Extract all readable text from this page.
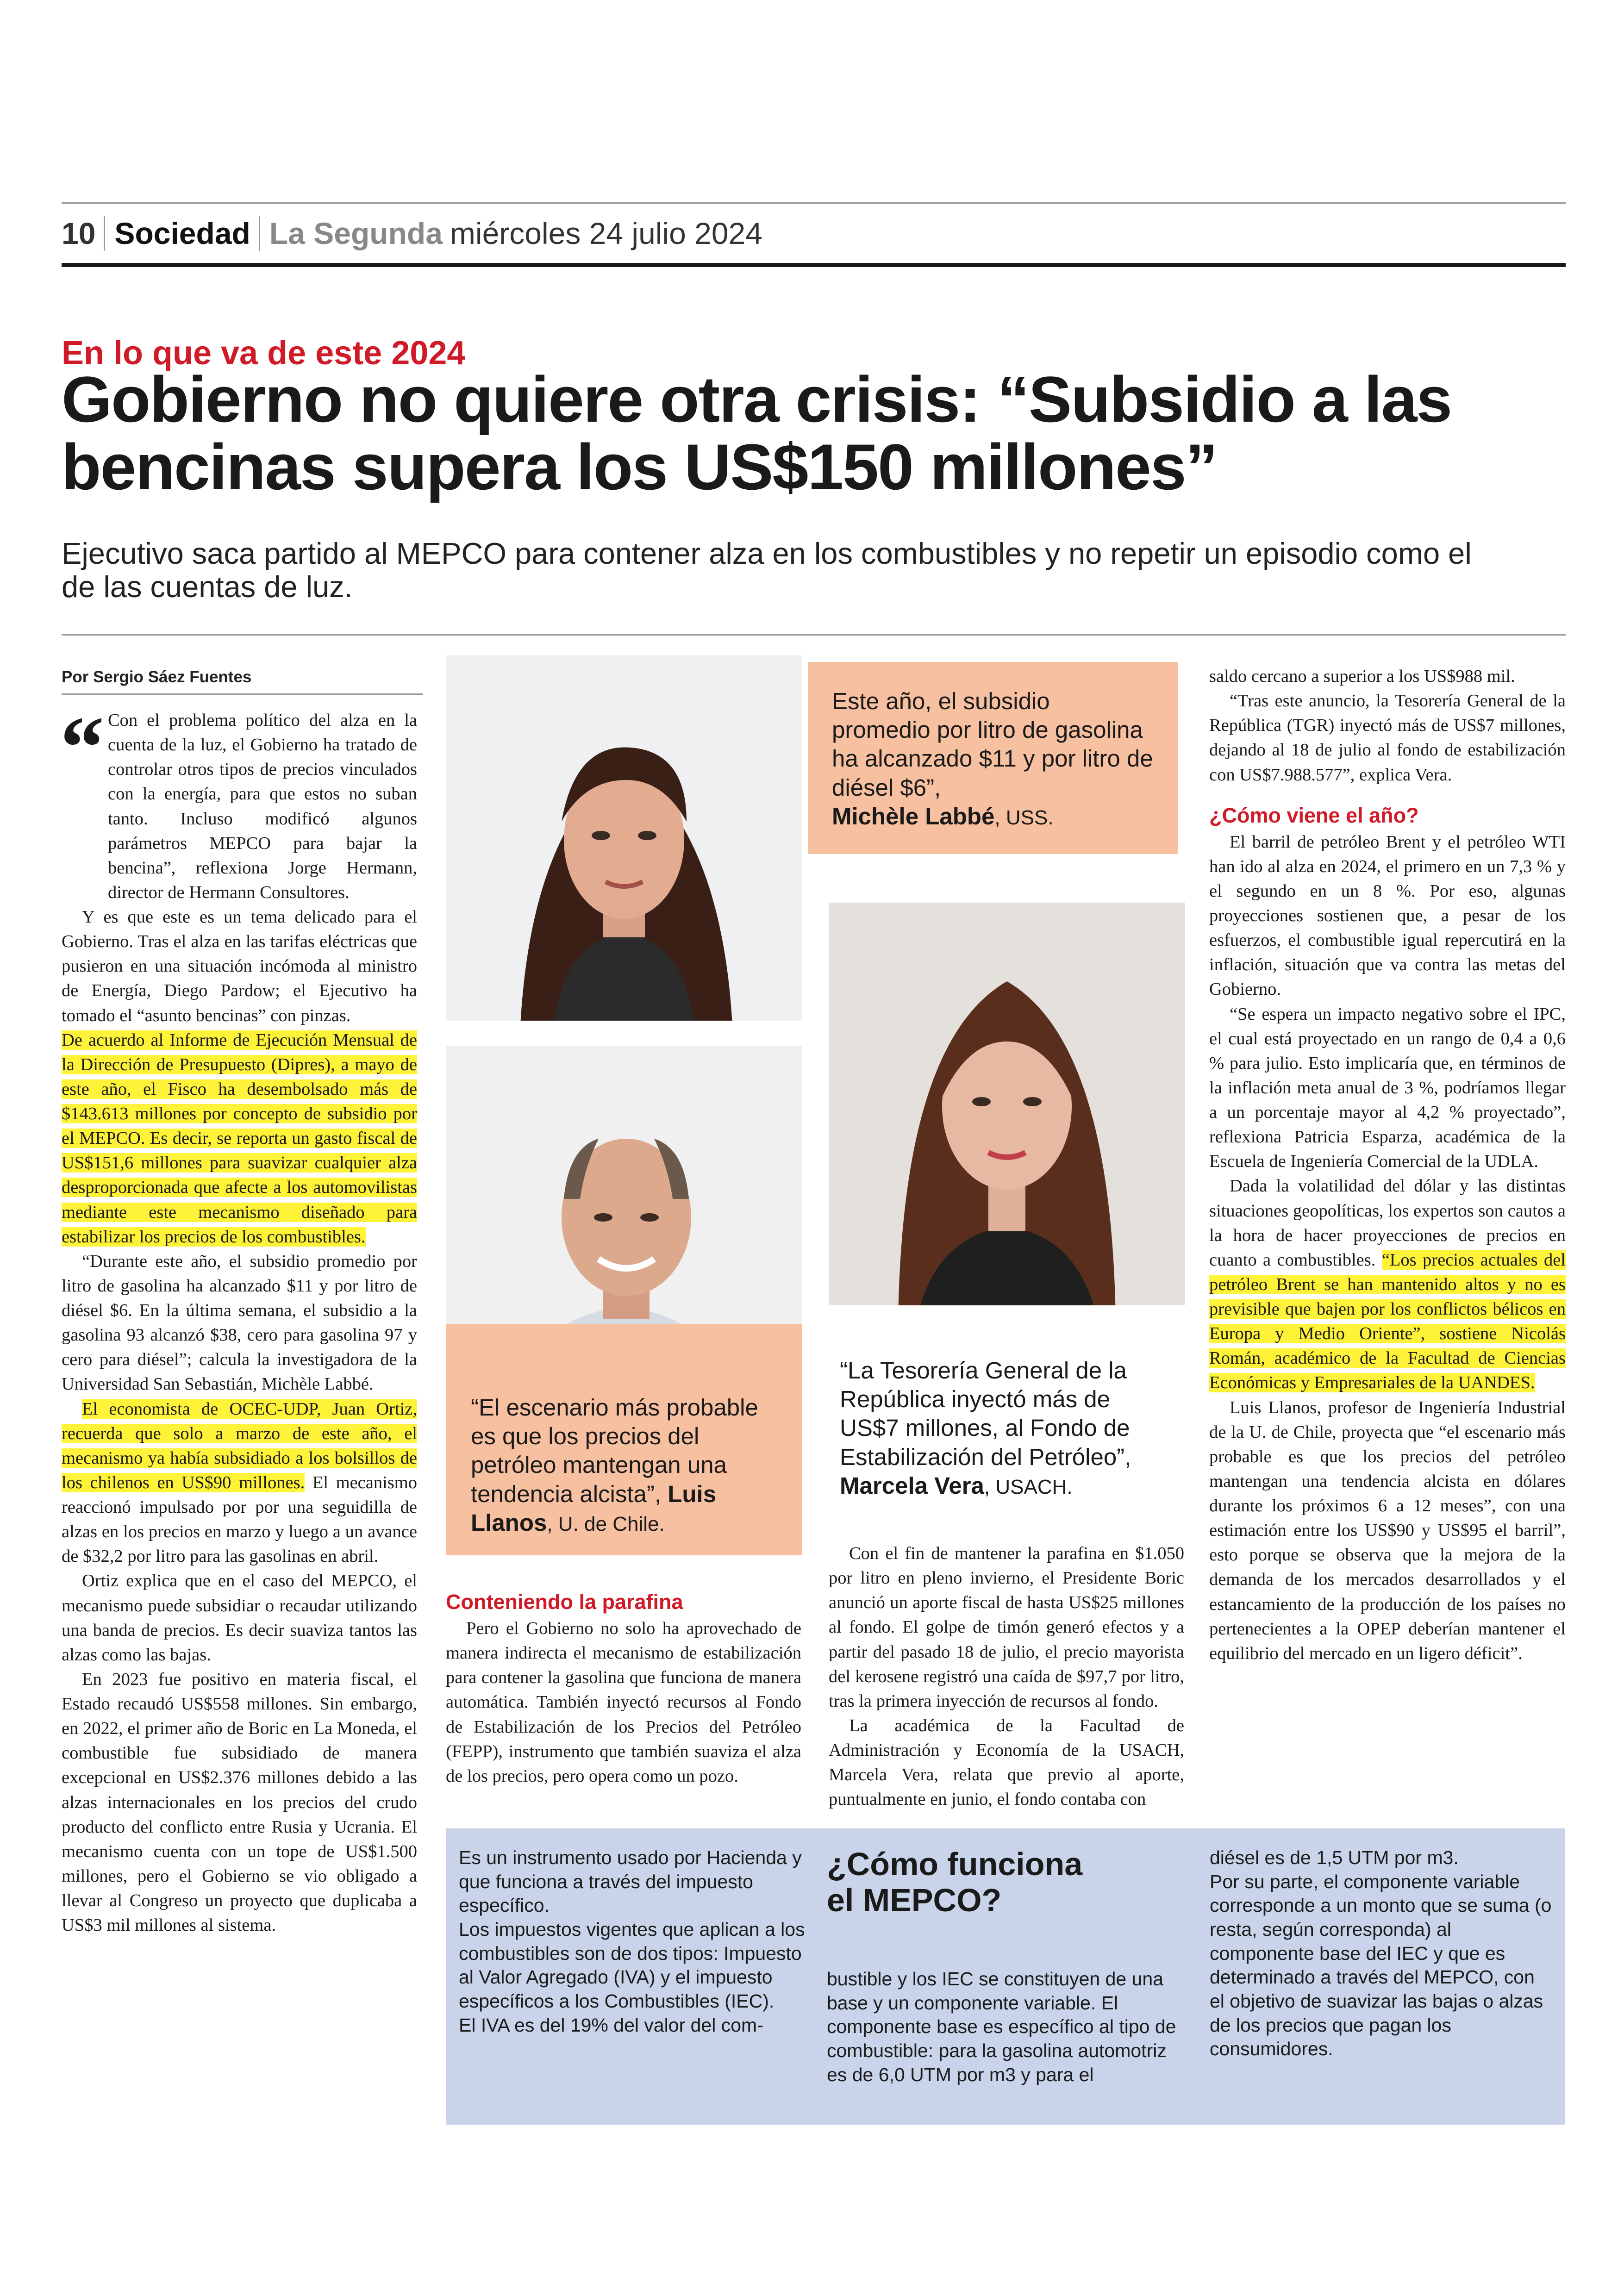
10 Sociedad La Segunda miércoles 24 julio 2024
En lo que va de este 2024
Gobierno no quiere otra crisis: “Subsidio a las bencinas supera los US$150 millones”
Ejecutivo saca partido al MEPCO para contener alza en los combustibles y no repetir un episodio como el de las cuentas de luz.
Por Sergio Sáez Fuentes
“ Con el problema político del alza en la cuenta de la luz, el Gobierno ha tratado de controlar otros tipos de precios vinculados con la energía, para que estos no suban tanto. Incluso modificó algunos parámetros MEPCO para bajar la bencina”, reflexiona Jorge Hermann, director de Hermann Consultores.

Y es que este es un tema delicado para el Gobierno. Tras el alza en las tarifas eléctricas que pusieron en una situación incómoda al ministro de Energía, Diego Pardow; el Ejecutivo ha tomado el “asunto bencinas” con pinzas.

De acuerdo al Informe de Ejecución Mensual de la Dirección de Presupuesto (Dipres), a mayo de este año, el Fisco ha desembolsado más de $143.613 millones por concepto de subsidio por el MEPCO. Es decir, se reporta un gasto fiscal de US$151,6 millones para suavizar cualquier alza desproporcionada que afecte a los automovilistas mediante este mecanismo diseñado para estabilizar los precios de los combustibles.

“Durante este año, el subsidio promedio por litro de gasolina ha alcanzado $11 y por litro de diésel $6. En la última semana, el subsidio a la gasolina 93 alcanzó $38, cero para gasolina 97 y cero para diésel”; calcula la investigadora de la Universidad San Sebastián, Michèle Labbé.

El economista de OCEC-UDP, Juan Ortiz, recuerda que solo a marzo de este año, el mecanismo ya había subsidiado a los bolsillos de los chilenos en US$90 millones. El mecanismo reaccionó impulsado por por una seguidilla de alzas en los precios en marzo y luego a un avance de $32,2 por litro para las gasolinas en abril.

Ortiz explica que en el caso del MEPCO, el mecanismo puede subsidiar o recaudar utilizando una banda de precios. Es decir suaviza tantos las alzas como las bajas.

En 2023 fue positivo en materia fiscal, el Estado recaudó US$558 millones. Sin embargo, en 2022, el primer año de Boric en La Moneda, el combustible fue subsidiado de manera excepcional en US$2.376 millones debido a las alzas internacionales en los precios del crudo producto del conflicto entre Rusia y Ucrania. El mecanismo cuenta con un tope de US$1.500 millones, pero el Gobierno se vio obligado a llevar al Congreso un proyecto que duplicaba a US$3 mil millones al sistema.

Este año, el subsidio promedio por litro de gasolina ha alcanzado $11 y por litro de diésel $6”,
Michèle Labbé, USS.
“El escenario más probable es que los precios del petróleo mantengan una tendencia alcista”, Luis Llanos, U. de Chile.
“La Tesorería General de la República inyectó más de US$7 millones, al Fondo de Estabilización del Petróleo”, Marcela Vera, USACH.

Conteniendo la parafina

Pero el Gobierno no solo ha aprovechado de manera indirecta el mecanismo de estabilización para contener la gasolina que funciona de manera automática. También inyectó recursos al Fondo de Estabilización de los Precios del Petróleo (FEPP), instrumento que también suaviza el alza de los precios, pero opera como un pozo.

Con el fin de mantener la parafina en $1.050 por litro en pleno invierno, el Presidente Boric anunció un aporte fiscal de hasta US$25 millones al fondo. El golpe de timón generó efectos y a partir del pasado 18 de julio, el precio mayorista del kerosene registró una caída de $97,7 por litro, tras la primera inyección de recursos al fondo.

La académica de la Facultad de Administración y Economía de la USACH, Marcela Vera, relata que previo al aporte, puntualmente en junio, el fondo contaba con

saldo cercano a superior a los US$988 mil.

“Tras este anuncio, la Tesorería General de la República (TGR) inyectó más de US$7 millones, dejando al 18 de julio al fondo de estabilización con US$7.988.577”, explica Vera.

¿Cómo viene el año?

El barril de petróleo Brent y el petróleo WTI han ido al alza en 2024, el primero en un 7,3 % y el segundo en un 8 %. Por eso, algunas proyecciones sostienen que, a pesar de los esfuerzos, el combustible igual repercutirá en la inflación, situación que va contra las metas del Gobierno.

“Se espera un impacto negativo sobre el IPC, el cual está proyectado en un rango de 0,4 a 0,6 % para julio. Esto implicaría que, en términos de la inflación meta anual de 3 %, podríamos llegar a un porcentaje mayor al 4,2 % proyectado”, reflexiona Patricia Esparza, académica de la Escuela de Ingeniería Comercial de la UDLA.

Dada la volatilidad del dólar y las distintas situaciones geopolíticas, los expertos son cautos a la hora de hacer proyecciones de precios en cuanto a combustibles. “Los precios actuales del petróleo Brent se han mantenido altos y no es previsible que bajen por los conflictos bélicos en Europa y Medio Oriente”, sostiene Nicolás Román, académico de la Facultad de Ciencias Económicas y Empresariales de la UANDES.

Luis Llanos, profesor de Ingeniería Industrial de la U. de Chile, proyecta que “el escenario más probable es que los precios del petróleo mantengan una tendencia alcista en dólares durante los próximos 6 a 12 meses”, con una estimación entre los US$90 y US$95 el barril”, esto porque se observa que la mejora de la demanda de los mercados desarrollados y el estancamiento de la producción de los países no pertenecientes a la OPEP deberían mantener el equilibrio del mercado en un ligero déficit”.

Es un instrumento usado por Hacienda y que funciona a través del impuesto específico.
Los impuestos vigentes que aplican a los combustibles son de dos tipos: Impuesto al Valor Agregado (IVA) y el impuesto específicos a los Combustibles (IEC).
El IVA es del 19% del valor del com-
¿Cómo funciona el MEPCO?
bustible y los IEC se constituyen de una base y un componente variable. El componente base es específico al tipo de combustible: para la gasolina automotriz es de 6,0 UTM por m3 y para el
diésel es de 1,5 UTM por m3.
Por su parte, el componente variable corresponde a un monto que se suma (o resta, según corresponda) al componente base del IEC y que es determinado a través del MEPCO, con el objetivo de suavizar las bajas o alzas de los precios que pagan los consumidores.
